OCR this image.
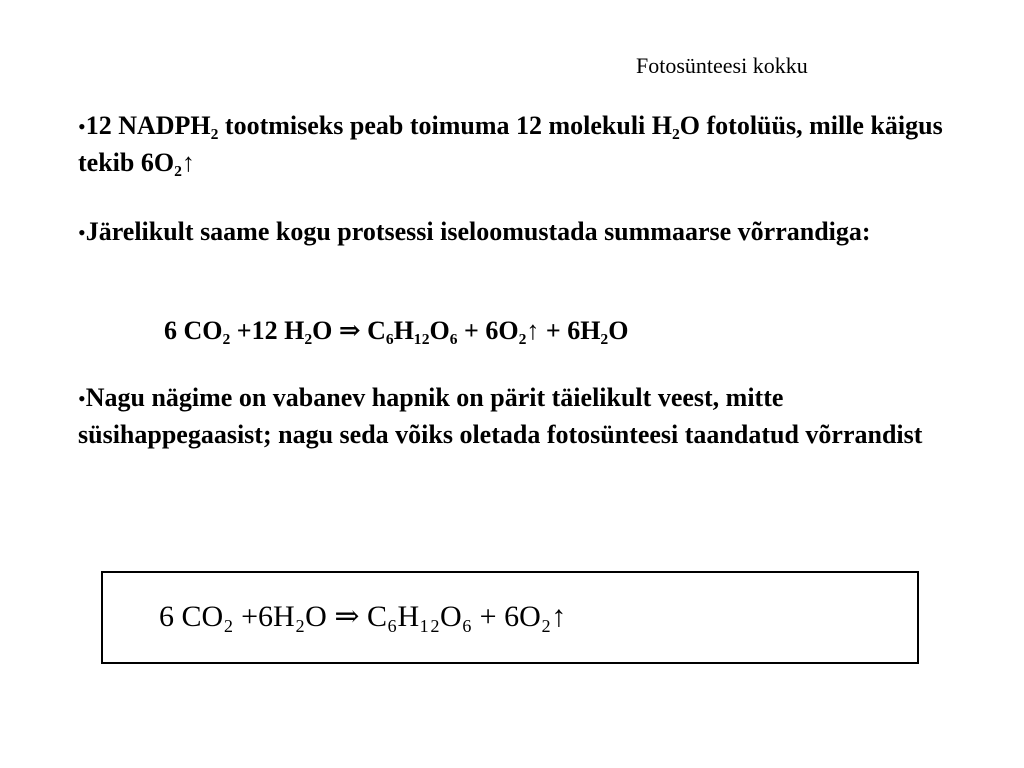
Fotosünteesi kokku

•12 NADPH₂ tootmiseks peab toimuma 12 molekuli H₂O fotolüüs, mille käigus tekib 6O₂↑

•Järelikult saame kogu protsessi iseloomustada summaarse võrrandiga:

6 CO₂ +12 H₂O ⇒ C₆H₁₂O₆ + 6O₂↑ + 6H₂O

•Nagu nägime on vabanev hapnik on pärit täielikult veest, mitte süsihappegaasist; nagu seda võiks oletada fotosünteesi taandatud võrrandist

6 CO₂ +6H₂O ⇒ C₆H₁₂O₆ + 6O₂↑
